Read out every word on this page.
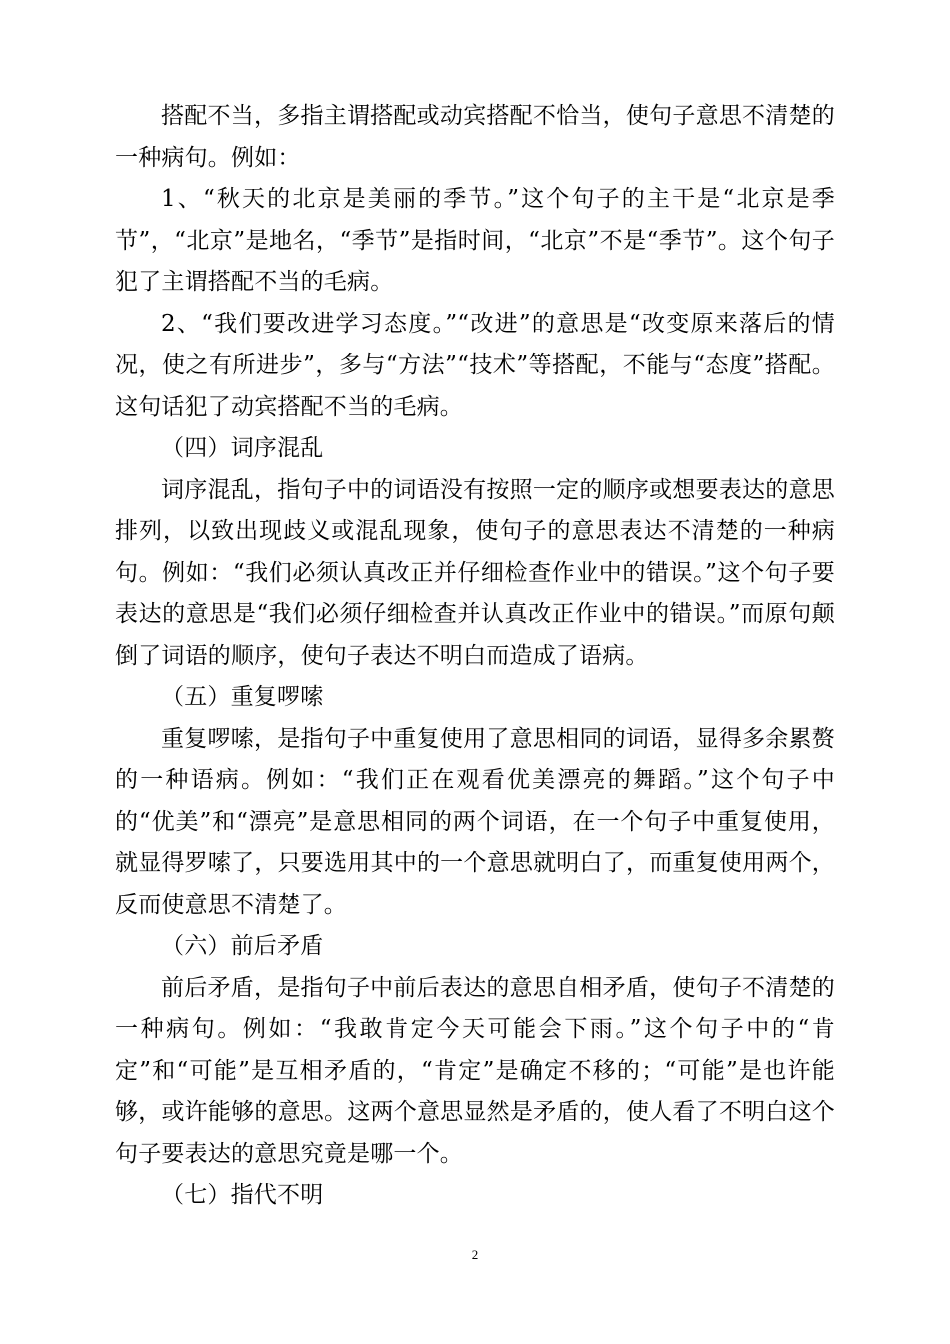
搭配不当，多指主谓搭配或动宾搭配不恰当，使句子意思不清楚的一种病句。例如：

1、“秋天的北京是美丽的季节。”这个句子的主干是“北京是季节”，“北京”是地名，“季节”是指时间，“北京”不是“季节”。这个句子犯了主谓搭配不当的毛病。

2、“我们要改进学习态度。”“改进”的意思是“改变原来落后的情况，使之有所进步”，多与“方法”“技术”等搭配，不能与“态度”搭配。这句话犯了动宾搭配不当的毛病。

（四）词序混乱

词序混乱，指句子中的词语没有按照一定的顺序或想要表达的意思排列，以致出现歧义或混乱现象，使句子的意思表达不清楚的一种病句。例如：“我们必须认真改正并仔细检查作业中的错误。”这个句子要表达的意思是“我们必须仔细检查并认真改正作业中的错误。”而原句颠倒了词语的顺序，使句子表达不明白而造成了语病。

（五）重复啰嗦

重复啰嗦，是指句子中重复使用了意思相同的词语，显得多余累赘的一种语病。例如：“我们正在观看优美漂亮的舞蹈。”这个句子中的“优美”和“漂亮”是意思相同的两个词语，在一个句子中重复使用，就显得罗嗦了，只要选用其中的一个意思就明白了，而重复使用两个，反而使意思不清楚了。

（六）前后矛盾

前后矛盾，是指句子中前后表达的意思自相矛盾，使句子不清楚的一种病句。例如：“我敢肯定今天可能会下雨。”这个句子中的“肯定”和“可能”是互相矛盾的，“肯定”是确定不移的；“可能”是也许能够，或许能够的意思。这两个意思显然是矛盾的，使人看了不明白这个句子要表达的意思究竟是哪一个。

（七）指代不明

2
